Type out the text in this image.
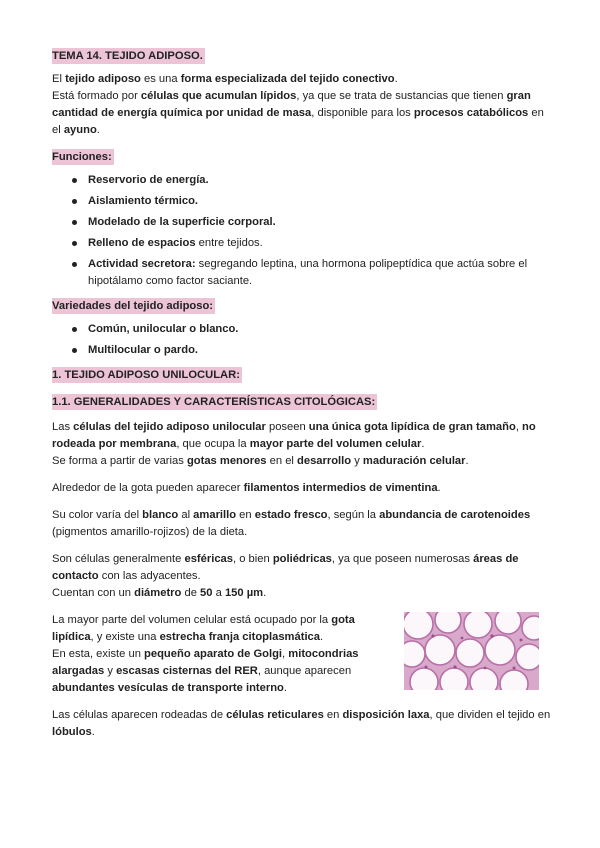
TEMA 14. TEJIDO ADIPOSO.

El tejido adiposo es una forma especializada del tejido conectivo.

Está formado por células que acumulan lípidos, ya que se trata de sustancias que tienen gran cantidad de energía química por unidad de masa, disponible para los procesos catabólicos en el ayuno.

Funciones:

Reservorio de energía.
Aislamiento térmico.
Modelado de la superficie corporal.
Relleno de espacios entre tejidos.
Actividad secretora: segregando leptina, una hormona polipeptídica que actúa sobre el hipotálamo como factor saciante.

Variedades del tejido adiposo:

Común, unilocular o blanco.
Multilocular o pardo.

1. TEJIDO ADIPOSO UNILOCULAR:

1.1. GENERALIDADES Y CARACTERÍSTICAS CITOLÓGICAS:

Las células del tejido adiposo unilocular poseen una única gota lipídica de gran tamaño, no rodeada por membrana, que ocupa la mayor parte del volumen celular.
Se forma a partir de varias gotas menores en el desarrollo y maduración celular.

Alrededor de la gota pueden aparecer filamentos intermedios de vimentina.

Su color varía del blanco al amarillo en estado fresco, según la abundancia de carotenoides (pigmentos amarillo-rojizos) de la dieta.

Son células generalmente esféricas, o bien poliédricas, ya que poseen numerosas áreas de contacto con las adyacentes.
Cuentan con un diámetro de 50 a 150 µm.

La mayor parte del volumen celular está ocupado por la gota lipídica, y existe una estrecha franja citoplasmática.
En esta, existe un pequeño aparato de Golgi, mitocondrias alargadas y escasas cisternas del RER, aunque aparecen abundantes vesículas de transporte interno.

Las células aparecen rodeadas de células reticulares en disposición laxa, que dividen el tejido en lóbulos.
